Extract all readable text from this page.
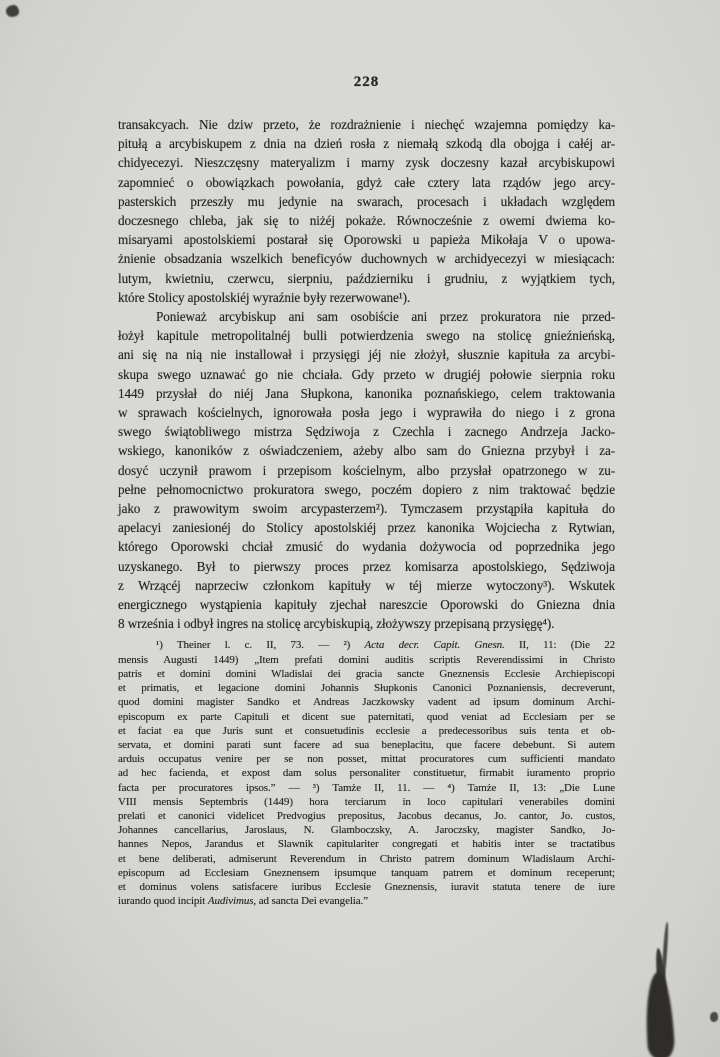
228
transakcyach. Nie dziw przeto, że rozdrażnienie i niechęć wzajemna pomiędzy ka-
pitułą a arcybiskupem z dnia na dzień rosła z niemałą szkodą dla obojga i całéj ar-
chidyecezyi. Nieszczęsny materyalizm i marny zysk doczesny kazał arcybiskupowi
zapomnieć o obowiązkach powołania, gdyż całe cztery lata rządów jego arcy-
pasterskich przeszły mu jedynie na swarach, procesach i układach względem
doczesnego chleba, jak się to niżéj pokaże. Równocześnie z owemi dwiema ko-
misaryami apostolskiemi postarał się Oporowski u papieża Mikołaja V o upowa-
żnienie obsadzania wszelkich beneficyów duchownych w archidyecezyi w miesiącach:
lutym, kwietniu, czerwcu, sierpniu, październiku i grudniu, z wyjątkiem tych,
które Stolicy apostolskiéj wyraźnie były rezerwowane¹).
Ponieważ arcybiskup ani sam osobiście ani przez prokuratora nie przed-
łożył kapitule metropolitalnéj bulli potwierdzenia swego na stolicę gnieźnieńską,
ani się na nią nie installował i przysięgi jéj nie złożył, słusznie kapituła za arcybi-
skupa swego uznawać go nie chciała. Gdy przeto w drugiéj połowie sierpnia roku
1449 przysłał do niéj Jana Słupkona, kanonika poznańskiego, celem traktowania
w sprawach kościelnych, ignorowała posła jego i wyprawiła do niego i z grona
swego świątobliwego mistrza Sędziwoja z Czechla i zacnego Andrzeja Jacko-
wskiego, kanoników z oświadczeniem, ażeby albo sam do Gniezna przybył i za-
dosyć uczynił prawom i przepisom kościelnym, albo przysłał opatrzonego w zu-
pełne pełnomocnictwo prokuratora swego, poczém dopiero z nim traktować będzie
jako z prawowitym swoim arcypasterzem²). Tymczasem przystąpiła kapituła do
apelacyi zaniesionéj do Stolicy apostolskiéj przez kanonika Wojciecha z Rytwian,
którego Oporowski chciał zmusić do wydania dożywocia od poprzednika jego
uzyskanego. Był to pierwszy proces przez komisarza apostolskiego, Sędziwoja
z Wrzącéj naprzeciw członkom kapituły w téj mierze wytoczony³). Wskutek
energicznego wystąpienia kapituły zjechał nareszcie Oporowski do Gniezna dnia
8 września i odbył ingres na stolicę arcybiskupią, złożywszy przepisaną przysięgę⁴).
¹) Theiner l. c. II, 73. — ²) Acta decr. Capit. Gnesn. II, 11: (Die 22
mensis Augusti 1449) „Item prefati domini auditis scriptis Reverendissimi in Christo
patris et domini domini Wladislai dei gracia sancte Gneznensis Ecclesie Archiepiscopi
et primatis, et legacione domini Johannis Słupkonis Canonici Poznaniensis, decreverunt,
quod domini magister Sandko et Andreas Jaczkowsky vadent ad ipsum dominum Archi-
episcopum ex parte Capituli et dicent sue paternitati, quod veniat ad Ecclesiam per se
et faciat ea que Juris sunt et consuetudinis ecclesie a predecessoribus suis tenta et ob-
servata, et domini parati sunt facere ad sua beneplacitu, que facere debebunt. Si autem
arduis occupatus venire per se non posset, mittat procuratores cum sufficienti mandato
ad hec facienda, et expost dam solus personaliter constituetur, firmabit iuramento proprio
facta per procuratores ipsos.” — ³) Tamże II, 11. — ⁴) Tamże II, 13: „Die Lune
VIII mensis Septembris (1449) hora terciarum in loco capitulari venerabiles domini
prelati et canonici videlicet Predvogius prepositus, Jacobus decanus, Jo. cantor, Jo. custos,
Johannes cancellarius, Jaroslaus, N. Glamboczsky, A. Jaroczsky, magister Sandko, Jo-
hannes Nepos, Jarandus et Slawnik capitulariter congregati et habitis inter se tractatibus
et bene deliberati, admiserunt Reverendum in Christo patrem dominum Wladislaum Archi-
episcopum ad Ecclesiam Gneznensem ipsumque tanquam patrem et dominum receperunt;
et dominus volens satisfacere iuribus Ecclesie Gneznensis, iuravit statuta tenere de iure
iurando quod incipit Audivimus, ad sancta Dei evangelia.”
